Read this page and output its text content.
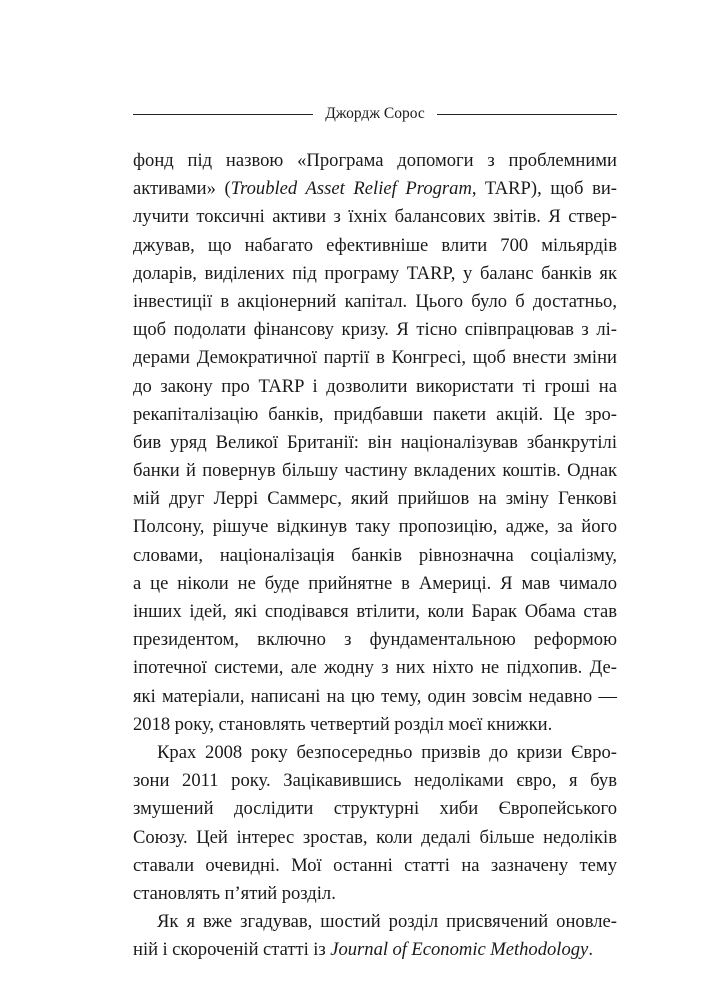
Джордж Сорос
фонд під назвою «Програма допомоги з проблемними
активами» (Troubled Asset Relief Program, TARP), щоб ви-
лучити токсичні активи з їхніх балансових звітів. Я ствер-
джував, що набагато ефективніше влити 700 мільярдів
доларів, виділених під програму TARP, у баланс банків як
інвестиції в акціонерний капітал. Цього було б достатньо,
щоб подолати фінансову кризу. Я тісно співпрацював з лі-
дерами Демократичної партії в Конгресі, щоб внести зміни
до закону про TARP і дозволити використати ті гроші на
рекапіталізацію банків, придбавши пакети акцій. Це зро-
бив уряд Великої Британії: він націоналізував збанкрутілі
банки й повернув більшу частину вкладених коштів. Однак
мій друг Леррі Саммерс, який прийшов на зміну Генкові
Полсону, рішуче відкинув таку пропозицію, адже, за його
словами, націоналізація банків рівнозначна соціалізму,
а це ніколи не буде прийнятне в Америці. Я мав чимало
інших ідей, які сподівався втілити, коли Барак Обама став
президентом, включно з фундаментальною реформою
іпотечної системи, але жодну з них ніхто не підхопив. Де-
які матеріали, написані на цю тему, один зовсім недавно —
2018 року, становлять четвертий розділ моєї книжки.
Крах 2008 року безпосередньо призвів до кризи Євро-
зони 2011 року. Зацікавившись недоліками євро, я був
змушений дослідити структурні хиби Європейського
Союзу. Цей інтерес зростав, коли дедалі більше недоліків
ставали очевидні. Мої останні статті на зазначену тему
становлять п’ятий розділ.
Як я вже згадував, шостий розділ присвячений оновле-
ній і скороченій статті із Journal of Economic Methodology.
